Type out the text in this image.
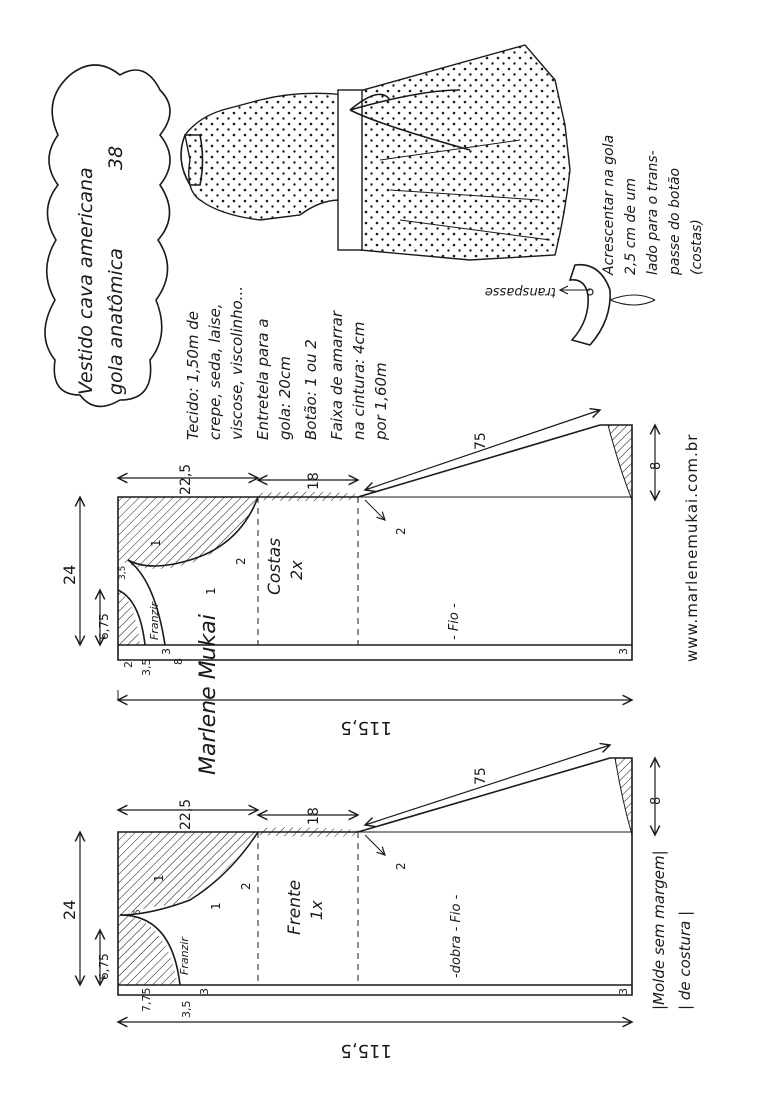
Vestido cava americana gola anatômica
38
Tecido: 1,50m de crepe, seda, laise, viscose, viscolinho... Entretela para a gola: 20cm Botão: 1 ou 2 Faixa de amarrar na cintura: 4cm por 1,60m
transpasse
Acrescentar na gola 2,5 cm de um lado para o trans- passe do botão (costas)
www.marlenemukai.com.br
Costas 2x
24
6,75
22,5	18
75
8
115,5
2 3,5 8
3,5
3	3
Franzir	- Fio -
1
1
2
2
Marlene Mukai
Frente 1x
24
6,75
22,5	18
75
8
115,5
7,75 3,5
3	3
5
Franzir	-dobra - Fio -
1
1
2
2	|Molde sem margem| | de costura |
